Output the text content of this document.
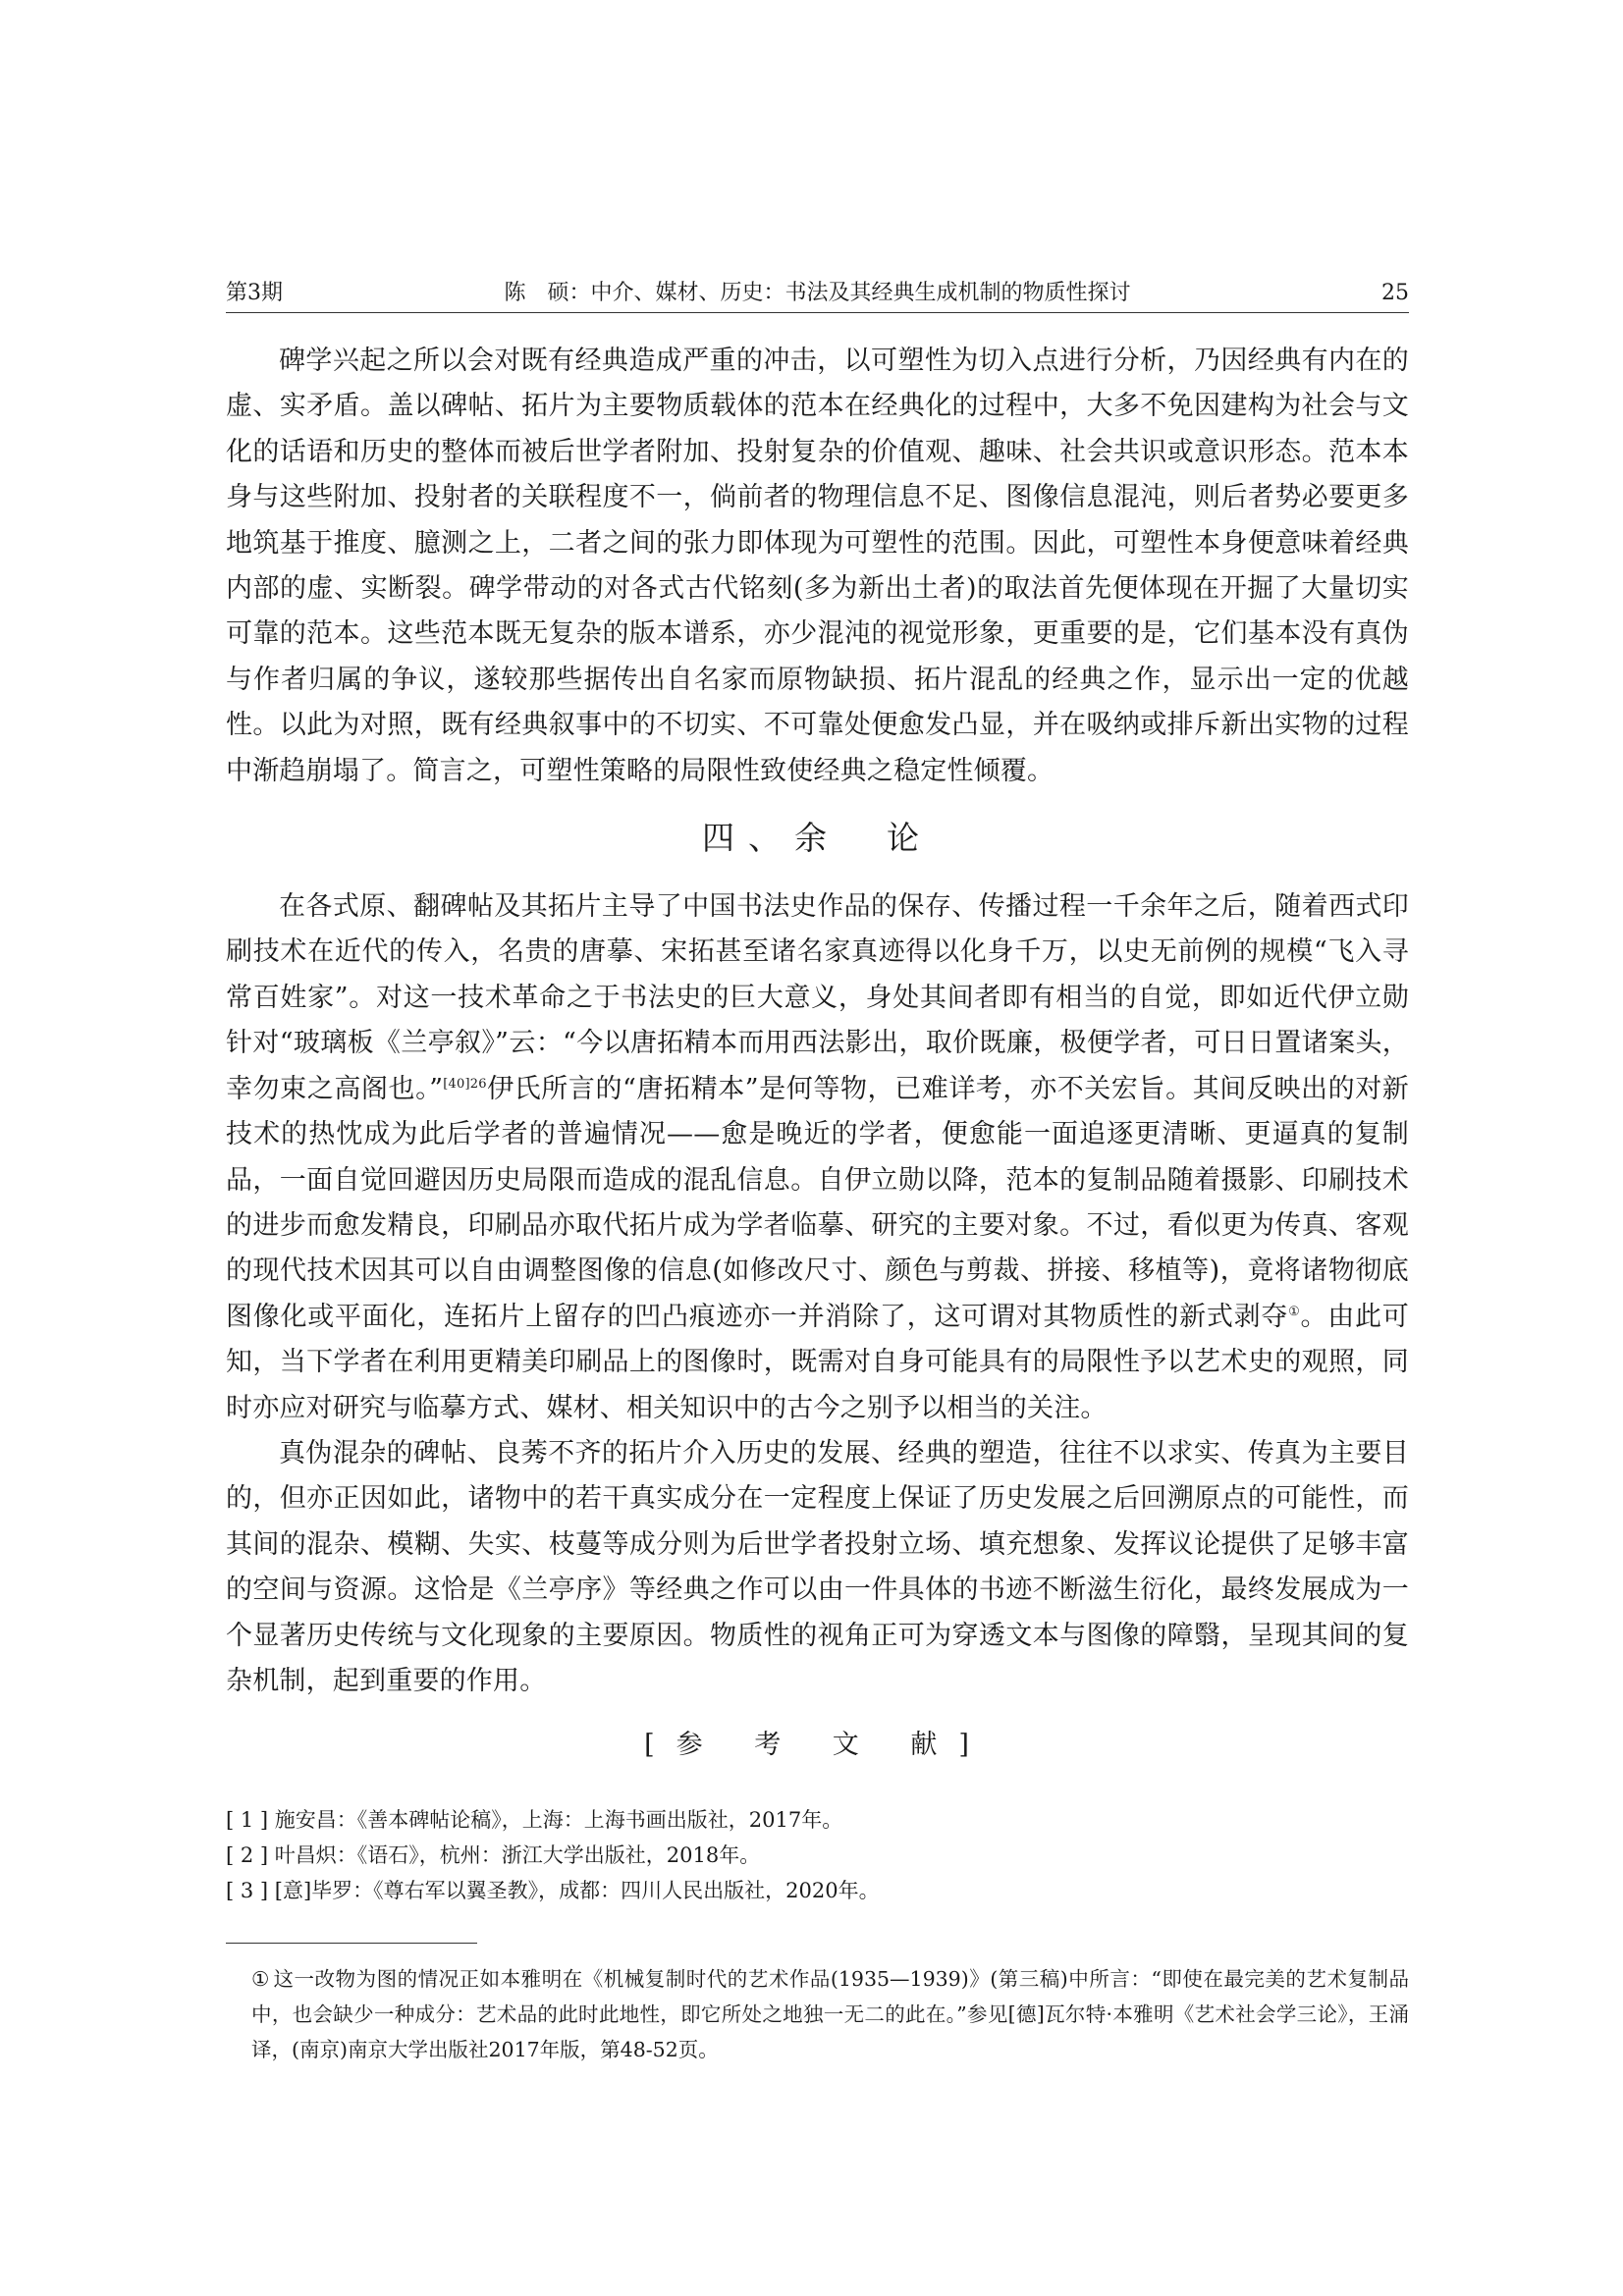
第3期	陈　硕：中介、媒材、历史：书法及其经典生成机制的物质性探讨	25

碑学兴起之所以会对既有经典造成严重的冲击，以可塑性为切入点进行分析，乃因经典有内在的虚、实矛盾。盖以碑帖、拓片为主要物质载体的范本在经典化的过程中，大多不免因建构为社会与文化的话语和历史的整体而被后世学者附加、投射复杂的价值观、趣味、社会共识或意识形态。范本本身与这些附加、投射者的关联程度不一，倘前者的物理信息不足、图像信息混沌，则后者势必要更多地筑基于推度、臆测之上，二者之间的张力即体现为可塑性的范围。因此，可塑性本身便意味着经典内部的虚、实断裂。碑学带动的对各式古代铭刻(多为新出土者)的取法首先便体现在开掘了大量切实可靠的范本。这些范本既无复杂的版本谱系，亦少混沌的视觉形象，更重要的是，它们基本没有真伪与作者归属的争议，遂较那些据传出自名家而原物缺损、拓片混乱的经典之作，显示出一定的优越性。以此为对照，既有经典叙事中的不切实、不可靠处便愈发凸显，并在吸纳或排斥新出实物的过程中渐趋崩塌了。简言之，可塑性策略的局限性致使经典之稳定性倾覆。

四、余　论

在各式原、翻碑帖及其拓片主导了中国书法史作品的保存、传播过程一千余年之后，随着西式印刷技术在近代的传入，名贵的唐摹、宋拓甚至诸名家真迹得以化身千万，以史无前例的规模“飞入寻常百姓家”。对这一技术革命之于书法史的巨大意义，身处其间者即有相当的自觉，即如近代伊立勋针对“玻璃板《兰亭叙》”云：“今以唐拓精本而用西法影出，取价既廉，极便学者，可日日置诸案头，幸勿束之高阁也。”$^{[40]26}$伊氏所言的“唐拓精本”是何等物，已难详考，亦不关宏旨。其间反映出的对新技术的热忱成为此后学者的普遍情况——愈是晚近的学者，便愈能一面追逐更清晰、更逼真的复制品，一面自觉回避因历史局限而造成的混乱信息。自伊立勋以降，范本的复制品随着摄影、印刷技术的进步而愈发精良，印刷品亦取代拓片成为学者临摹、研究的主要对象。不过，看似更为传真、客观的现代技术因其可以自由调整图像的信息(如修改尺寸、颜色与剪裁、拼接、移植等)，竟将诸物彻底图像化或平面化，连拓片上留存的凹凸痕迹亦一并消除了，这可谓对其物质性的新式剥夺①。由此可知，当下学者在利用更精美印刷品上的图像时，既需对自身可能具有的局限性予以艺术史的观照，同时亦应对研究与临摹方式、媒材、相关知识中的古今之别予以相当的关注。

真伪混杂的碑帖、良莠不齐的拓片介入历史的发展、经典的塑造，往往不以求实、传真为主要目的，但亦正因如此，诸物中的若干真实成分在一定程度上保证了历史发展之后回溯原点的可能性，而其间的混杂、模糊、失实、枝蔓等成分则为后世学者投射立场、填充想象、发挥议论提供了足够丰富的空间与资源。这恰是《兰亭序》等经典之作可以由一件具体的书迹不断滋生衍化，最终发展成为一个显著历史传统与文化现象的主要原因。物质性的视角正可为穿透文本与图像的障翳，呈现其间的复杂机制，起到重要的作用。

[参 考 文 献]

[ 1 ] 施安昌：《善本碑帖论稿》，上海：上海书画出版社，2017年。

[ 2 ] 叶昌炽：《语石》，杭州：浙江大学出版社，2018年。

[ 3 ] [意]毕罗：《尊右军以翼圣教》，成都：四川人民出版社，2020年。

① 这一改物为图的情况正如本雅明在《机械复制时代的艺术作品(1935—1939)》(第三稿)中所言：“即使在最完美的艺术复制品中，也会缺少一种成分：艺术品的此时此地性，即它所处之地独一无二的此在。”参见[德]瓦尔特·本雅明《艺术社会学三论》，王涌译，(南京)南京大学出版社2017年版，第48-52页。
